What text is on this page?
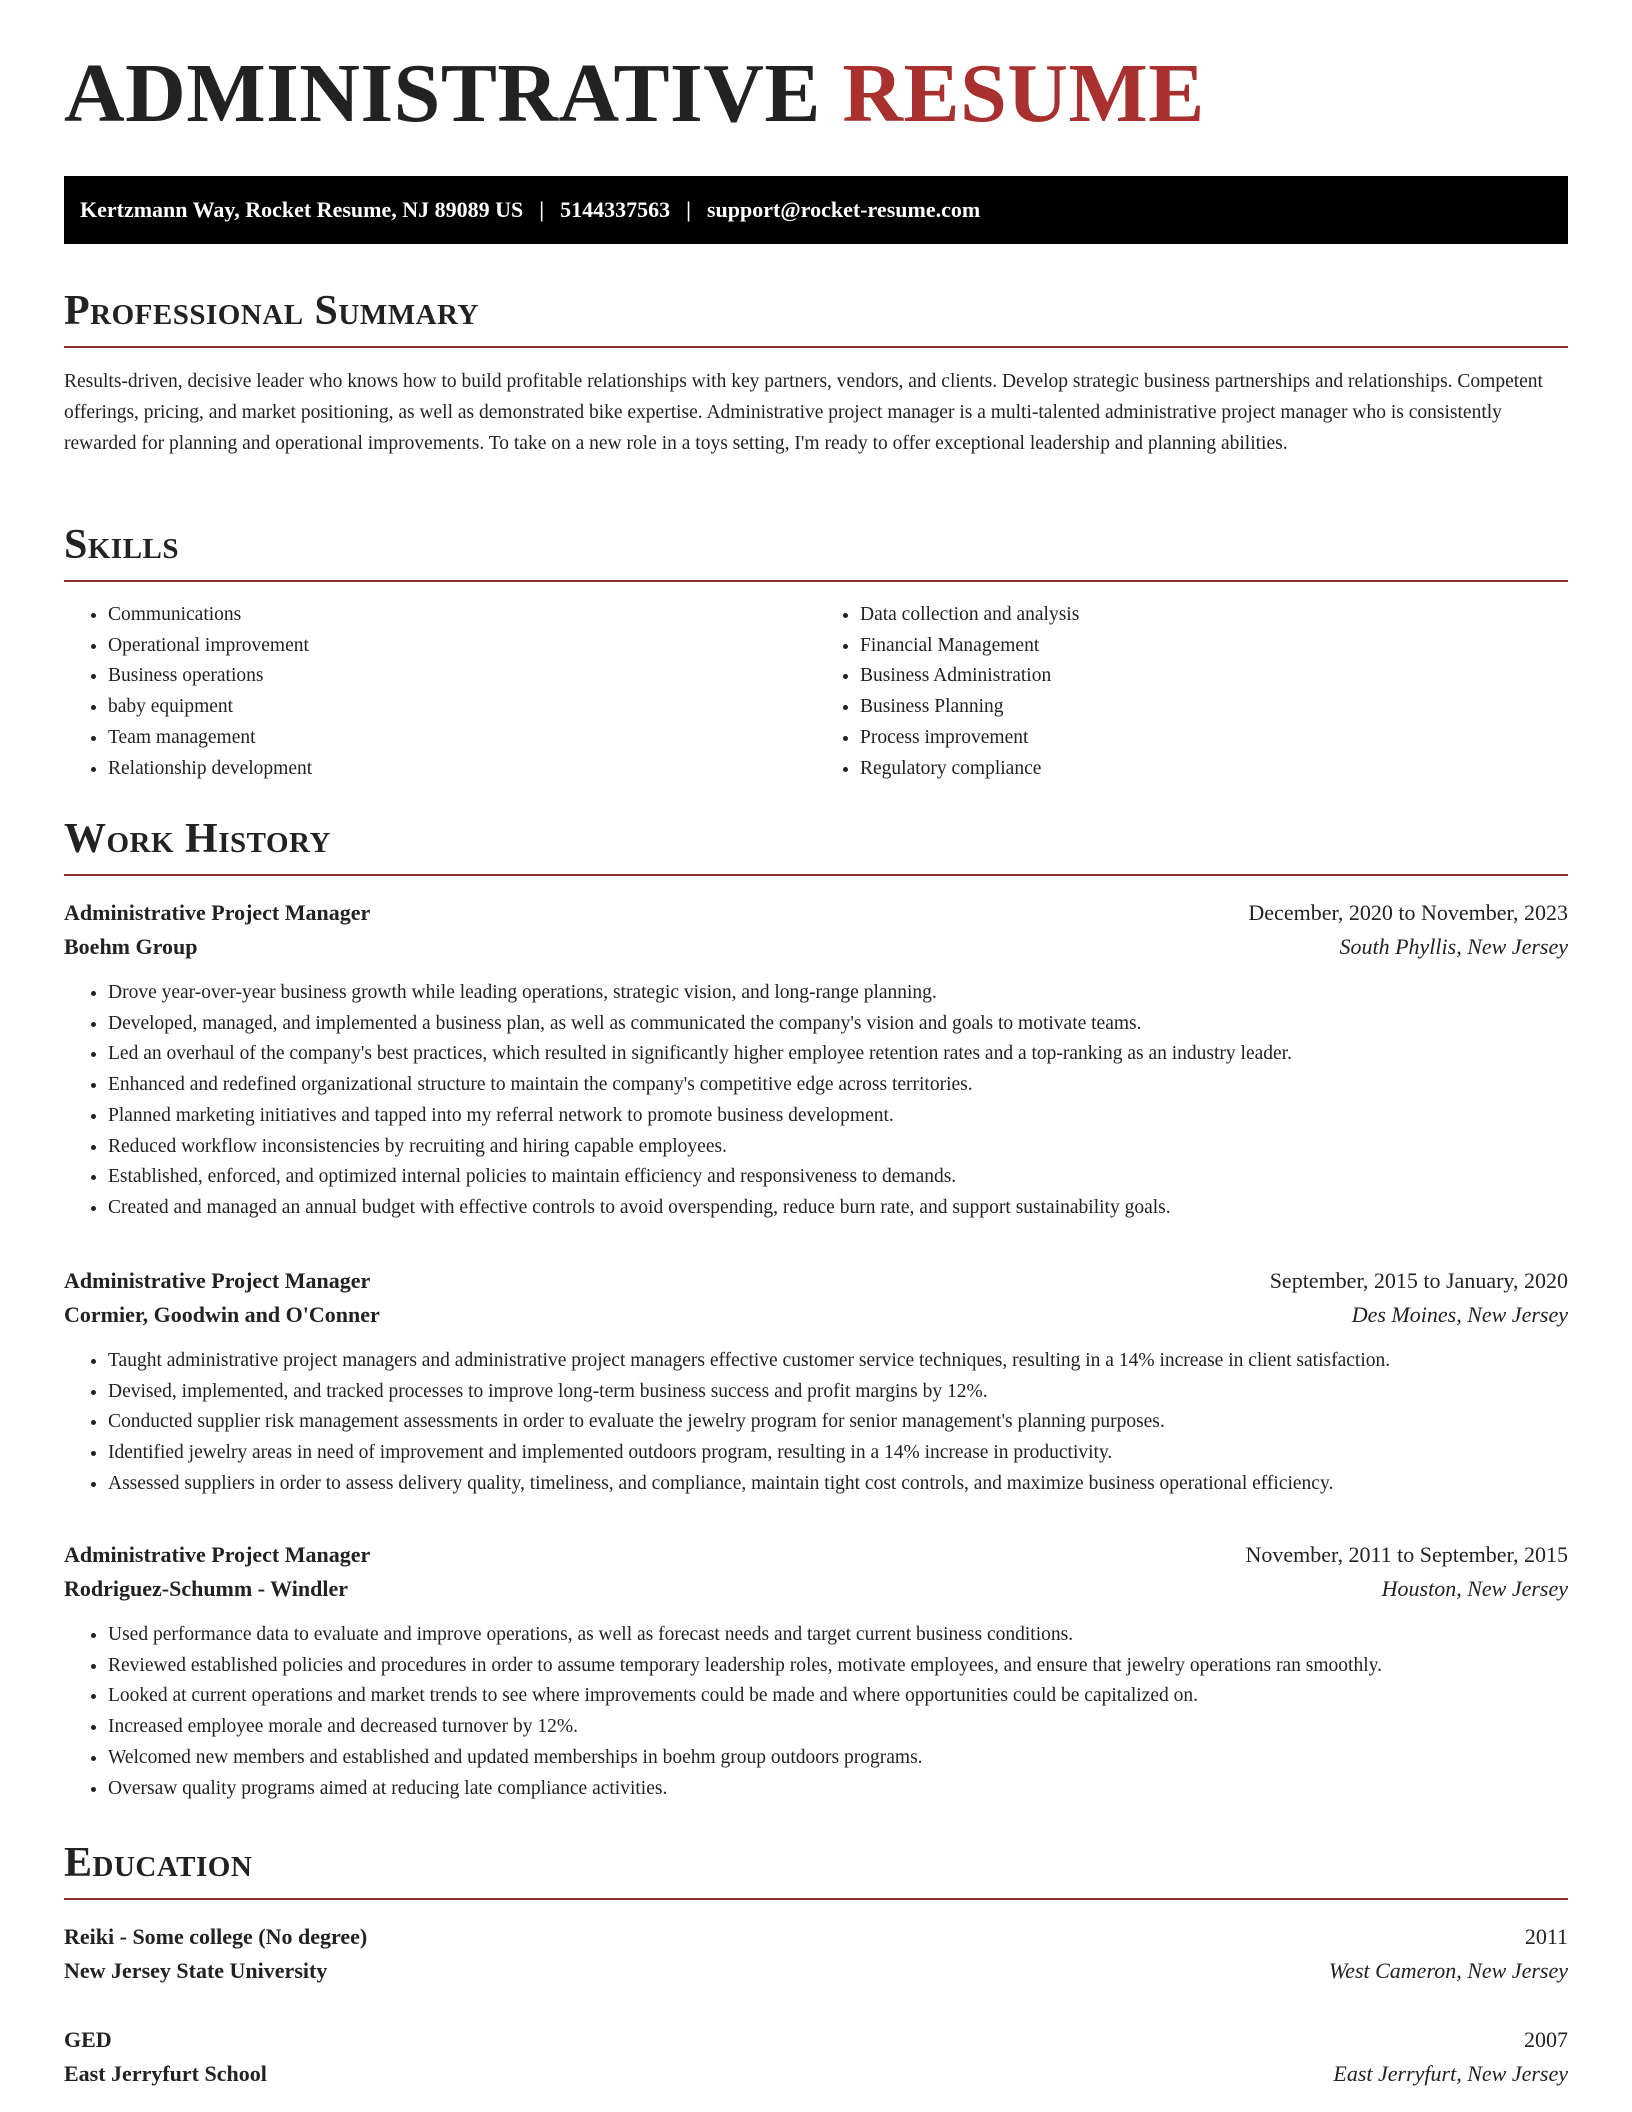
ADMINISTRATIVE RESUME
Kertzmann Way, Rocket Resume, NJ 89089 US | 5144337563 | support@rocket-resume.com
Professional Summary

Results-driven, decisive leader who knows how to build profitable relationships with key partners, vendors, and clients. Develop strategic business partnerships and relationships. Competent offerings, pricing, and market positioning, as well as demonstrated bike expertise. Administrative project manager is a multi-talented administrative project manager who is consistently rewarded for planning and operational improvements. To take on a new role in a toys setting, I'm ready to offer exceptional leadership and planning abilities.

Skills
• Communications
• Operational improvement
• Business operations
• baby equipment
• Team management
• Relationship development
• Data collection and analysis
• Financial Management
• Business Administration
• Business Planning
• Process improvement
• Regulatory compliance
Work History
Administrative Project Manager	December, 2020 to November, 2023
Boehm Group	South Phyllis, New Jersey
• Drove year-over-year business growth while leading operations, strategic vision, and long-range planning.
• Developed, managed, and implemented a business plan, as well as communicated the company's vision and goals to motivate teams.
• Led an overhaul of the company's best practices, which resulted in significantly higher employee retention rates and a top-ranking as an industry leader.
• Enhanced and redefined organizational structure to maintain the company's competitive edge across territories.
• Planned marketing initiatives and tapped into my referral network to promote business development.
• Reduced workflow inconsistencies by recruiting and hiring capable employees.
• Established, enforced, and optimized internal policies to maintain efficiency and responsiveness to demands.
• Created and managed an annual budget with effective controls to avoid overspending, reduce burn rate, and support sustainability goals.
Administrative Project Manager	September, 2015 to January, 2020
Cormier, Goodwin and O'Conner	Des Moines, New Jersey
• Taught administrative project managers and administrative project managers effective customer service techniques, resulting in a 14% increase in client satisfaction.
• Devised, implemented, and tracked processes to improve long-term business success and profit margins by 12%.
• Conducted supplier risk management assessments in order to evaluate the jewelry program for senior management's planning purposes.
• Identified jewelry areas in need of improvement and implemented outdoors program, resulting in a 14% increase in productivity.
• Assessed suppliers in order to assess delivery quality, timeliness, and compliance, maintain tight cost controls, and maximize business operational efficiency.
Administrative Project Manager	November, 2011 to September, 2015
Rodriguez-Schumm - Windler	Houston, New Jersey
• Used performance data to evaluate and improve operations, as well as forecast needs and target current business conditions.
• Reviewed established policies and procedures in order to assume temporary leadership roles, motivate employees, and ensure that jewelry operations ran smoothly.
• Looked at current operations and market trends to see where improvements could be made and where opportunities could be capitalized on.
• Increased employee morale and decreased turnover by 12%.
• Welcomed new members and established and updated memberships in boehm group outdoors programs.
• Oversaw quality programs aimed at reducing late compliance activities.
Education
Reiki - Some college (No degree)	2011
New Jersey State University	West Cameron, New Jersey
GED	2007
East Jerryfurt School	East Jerryfurt, New Jersey
